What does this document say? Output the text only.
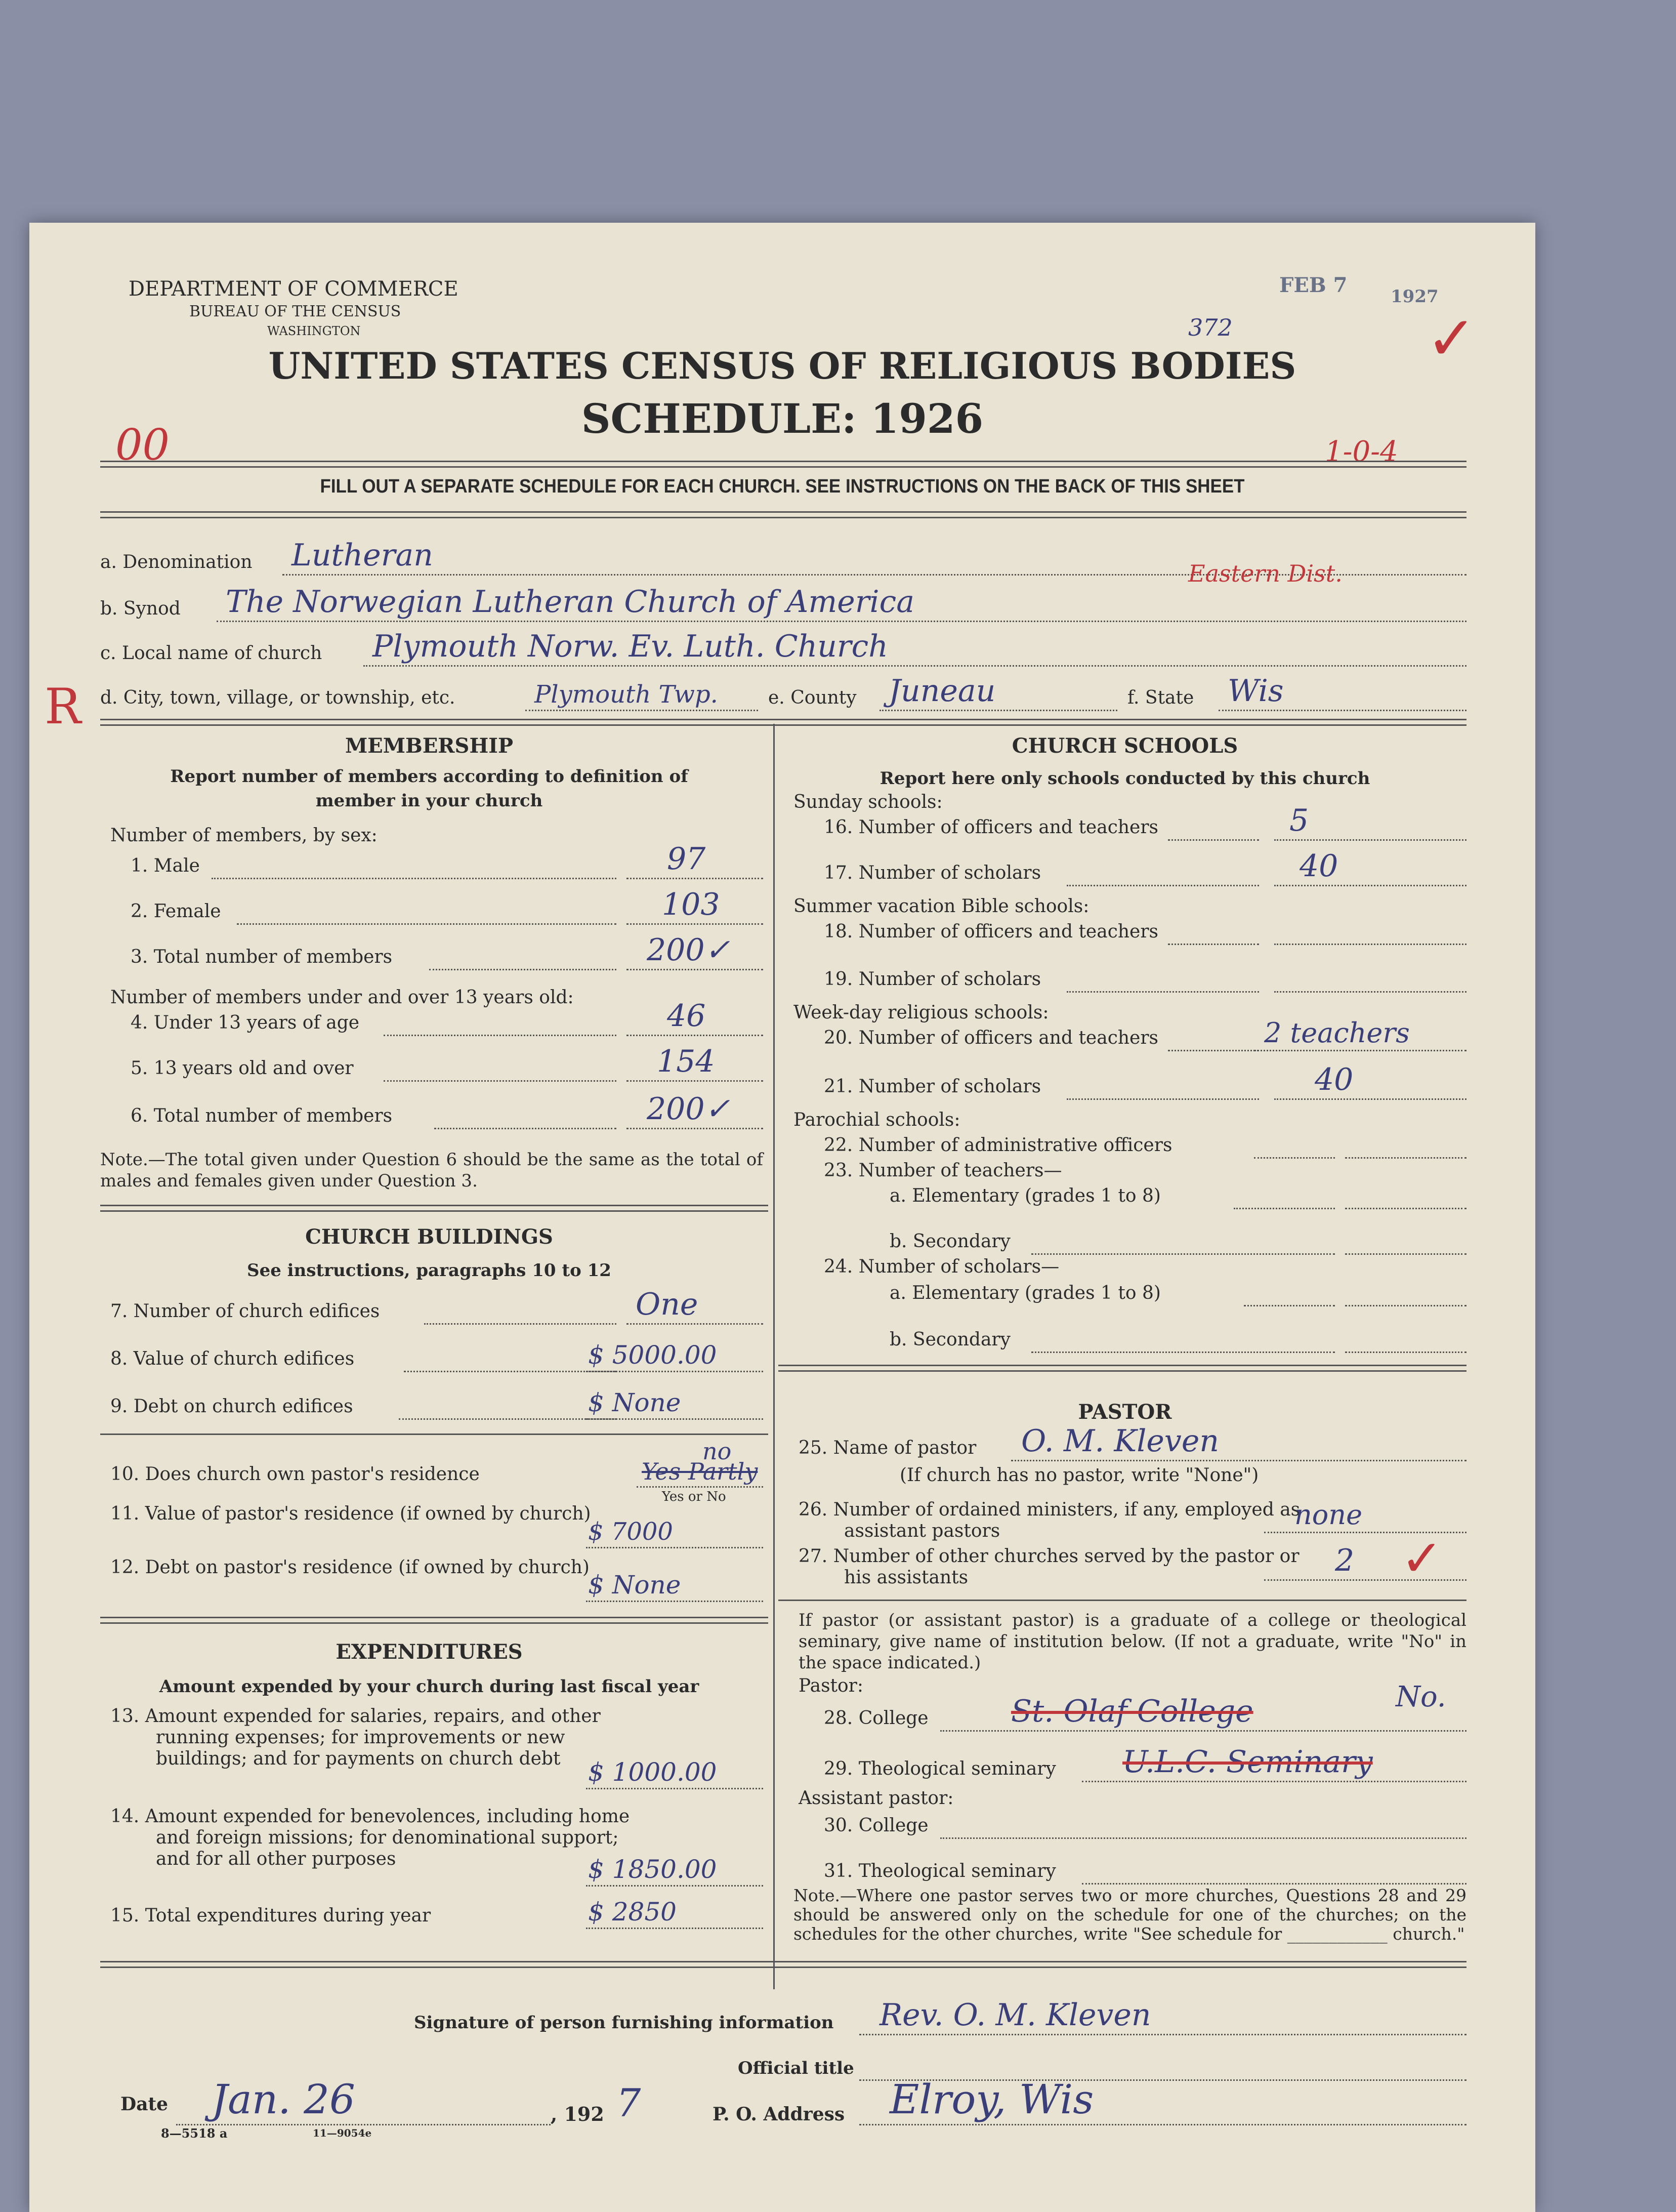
DEPARTMENT OF COMMERCE
BUREAU OF THE CENSUS
WASHINGTON
FEB 7	1927
✓
372
UNITED STATES CENSUS OF RELIGIOUS BODIES
SCHEDULE: 1926
00	1-0-4
FILL OUT A SEPARATE SCHEDULE FOR EACH CHURCH. SEE INSTRUCTIONS ON THE BACK OF THIS SHEET
a. Denomination Lutheran
b. Synod The Norwegian Lutheran Church of America
Eastern Dist.
c. Local name of church Plymouth Norw. Ev. Luth. Church
R d. City, town, village, or township, etc.	Plymouth Twp.	e. County Juneau	f. State Wis
MEMBERSHIP
Report number of members according to definition of member in your church
Number of members, by sex:
1. Male	97
2. Female	103
3. Total number of members	200✓
Number of members under and over 13 years old:
4. Under 13 years of age	46
5. 13 years old and over	154
6. Total number of members	200✓
Note.—The total given under Question 6 should be the same as the total of males and females given under Question 3.
CHURCH BUILDINGS
See instructions, paragraphs 10 to 12
7. Number of church edifices	One
8. Value of church edifices	$ 5000.00
9. Debt on church edifices	$ None
10. Does church own pastor's residence	Yes Partly
no
Yes or No
11. Value of pastor's residence (if owned by church)
$ 7000
12. Debt on pastor's residence (if owned by church)
$ None
EXPENDITURES
Amount expended by your church during last fiscal year
13. Amount expended for salaries, repairs, and other running expenses; for improvements or new buildings; and for payments on church debt	$ 1000.00
14. Amount expended for benevolences, including home and foreign missions; for denominational support; and for all other purposes	$ 1850.00
15. Total expenditures during year	$ 2850
CHURCH SCHOOLS
Report here only schools conducted by this church
Sunday schools:
16. Number of officers and teachers	5
17. Number of scholars	40
Summer vacation Bible schools:
18. Number of officers and teachers
19. Number of scholars
Week-day religious schools:
20. Number of officers and teachers	2 teachers
21. Number of scholars	40
Parochial schools:
22. Number of administrative officers
23. Number of teachers—
a. Elementary (grades 1 to 8)
b. Secondary
24. Number of scholars—
a. Elementary (grades 1 to 8)
b. Secondary
PASTOR
25. Name of pastor O. M. Kleven
(If church has no pastor, write "None")
26. Number of ordained ministers, if any, employed as assistant pastors
none
27. Number of other churches served by the pastor or his assistants	2 ✓
If pastor (or assistant pastor) is a graduate of a college or theological seminary, give name of institution below. (If not a graduate, write "No" in the space indicated.)
Pastor:
28. College	St. Olaf College	No.
29. Theological seminary U.L.C. Seminary
Assistant pastor:
30. College
31. Theological seminary
Note.—Where one pastor serves two or more churches, Questions 28 and 29 should be answered only on the schedule for one of the churches; on the schedules for the other churches, write "See schedule for ____________ church."
Signature of person furnishing information Rev. O. M. Kleven
Official title
Date Jan. 26	, 192 7
8—5518 a	11—9054e
P. O. Address Elroy, Wis
